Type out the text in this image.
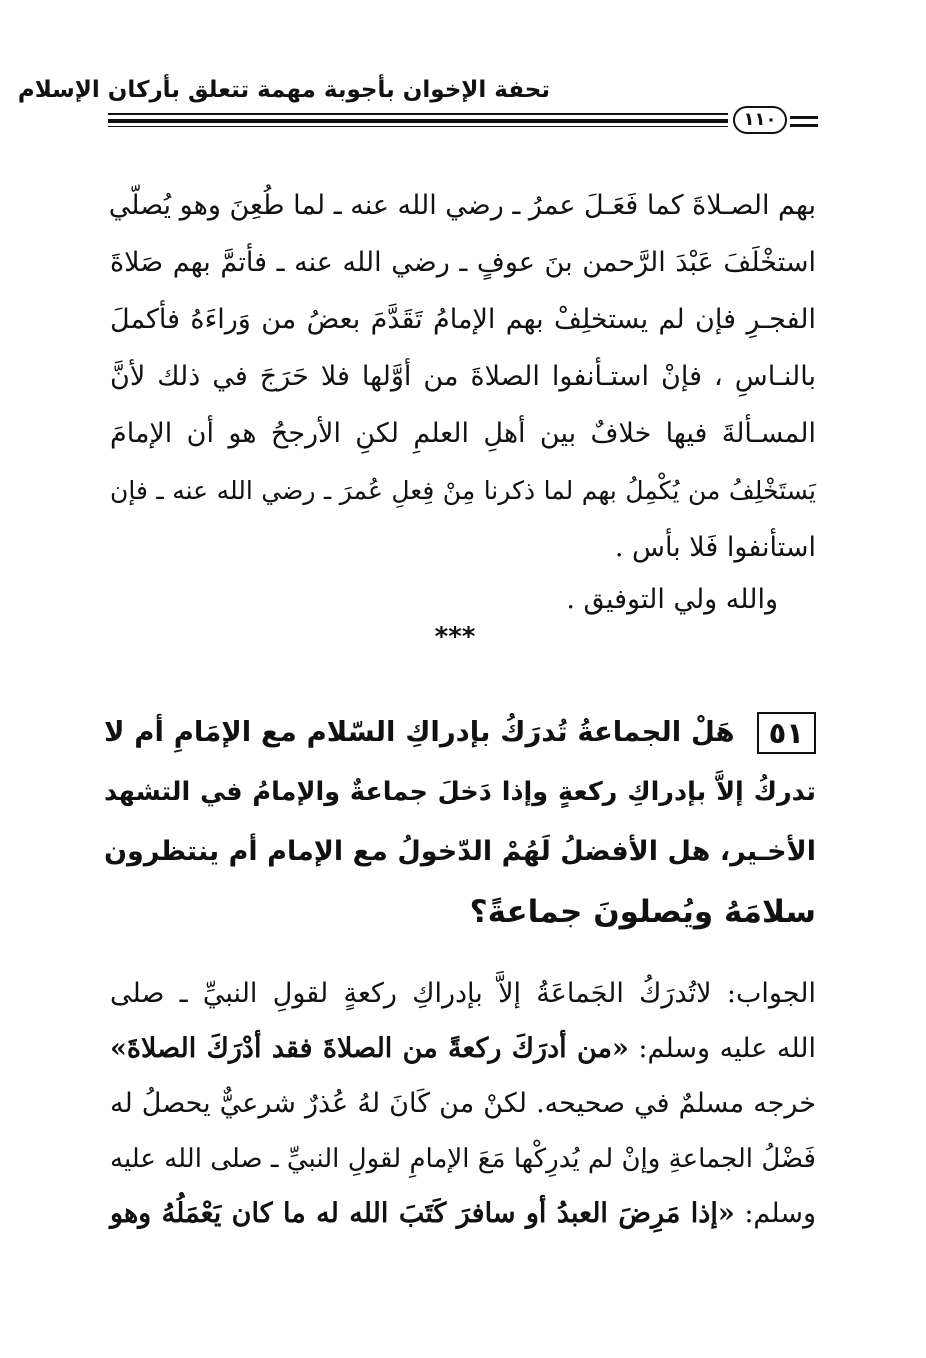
تحفة الإخوان بأجوبة مهمة تتعلق بأركان الإسلام
١١٠
بهم الصـلاةَ كما فَعَـلَ عمرُ ـ رضي الله عنه ـ لما طُعِنَ وهو يُصلّي
استخْلَفَ عَبْدَ الرَّحمن بنَ عوفٍ ـ رضي الله عنه ـ فأتمَّ بهم صَلاةَ
الفجـرِ فإن لم يستخلِفْ بهم الإمامُ تَقَدَّمَ بعضُ من وَراءَهُ فأكملَ
بالنـاسِ ، فإنْ استـأنفوا الصلاةَ من أوَّلها فلا حَرَجَ في ذلك لأنَّ
المسـألةَ فيها خلافٌ بين أهلِ العلمِ لكنِ الأرجحُ هو أن الإمامَ
يَستَخْلِفُ من يُكْمِلُ بهم لما ذكرنا مِنْ فِعلِ عُمرَ ـ رضي الله عنه ـ فإن
استأنفوا فَلا بأس .
والله ولي التوفيق .
***
٥١هَلْ الجماعةُ تُدرَكُ بإدراكِ السّلام مع الإمَامِ أم لا
تدركُ إلاَّ بإدراكِ ركعةٍ وإذا دَخلَ جماعةٌ والإمامُ في التشهد
الأخـير، هل الأفضلُ لَهُمْ الدّخولُ مع الإمام أم ينتظرون
سلامَهُ ويُصلونَ جماعةً؟
الجواب: لاتُدرَكُ الجَماعَةُ إلاَّ بإدراكِ ركعةٍ لقولِ النبيِّ ـ صلى
الله عليه وسلم: «من أدرَكَ ركعةً من الصلاةَ فقد أدْرَكَ الصلاةَ»
خرجه مسلمٌ في صحيحه. لكنْ من كَانَ لهُ عُذرٌ شرعيٌّ يحصلُ له
فَضْلُ الجماعةِ وإنْ لم يُدرِكْها مَعَ الإمامِ لقولِ النبيِّ ـ صلى الله عليه
وسلم: «إذا مَرِضَ العبدُ أو سافرَ كَتَبَ الله له ما كان يَعْمَلُهُ وهو
